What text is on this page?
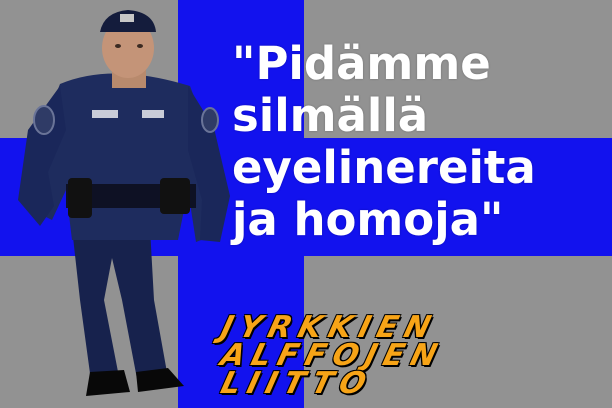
"Pidämme
silmällä
eyelinereita
ja homoja"

JYRKKIEN
ALFFOJEN
LIITTO
